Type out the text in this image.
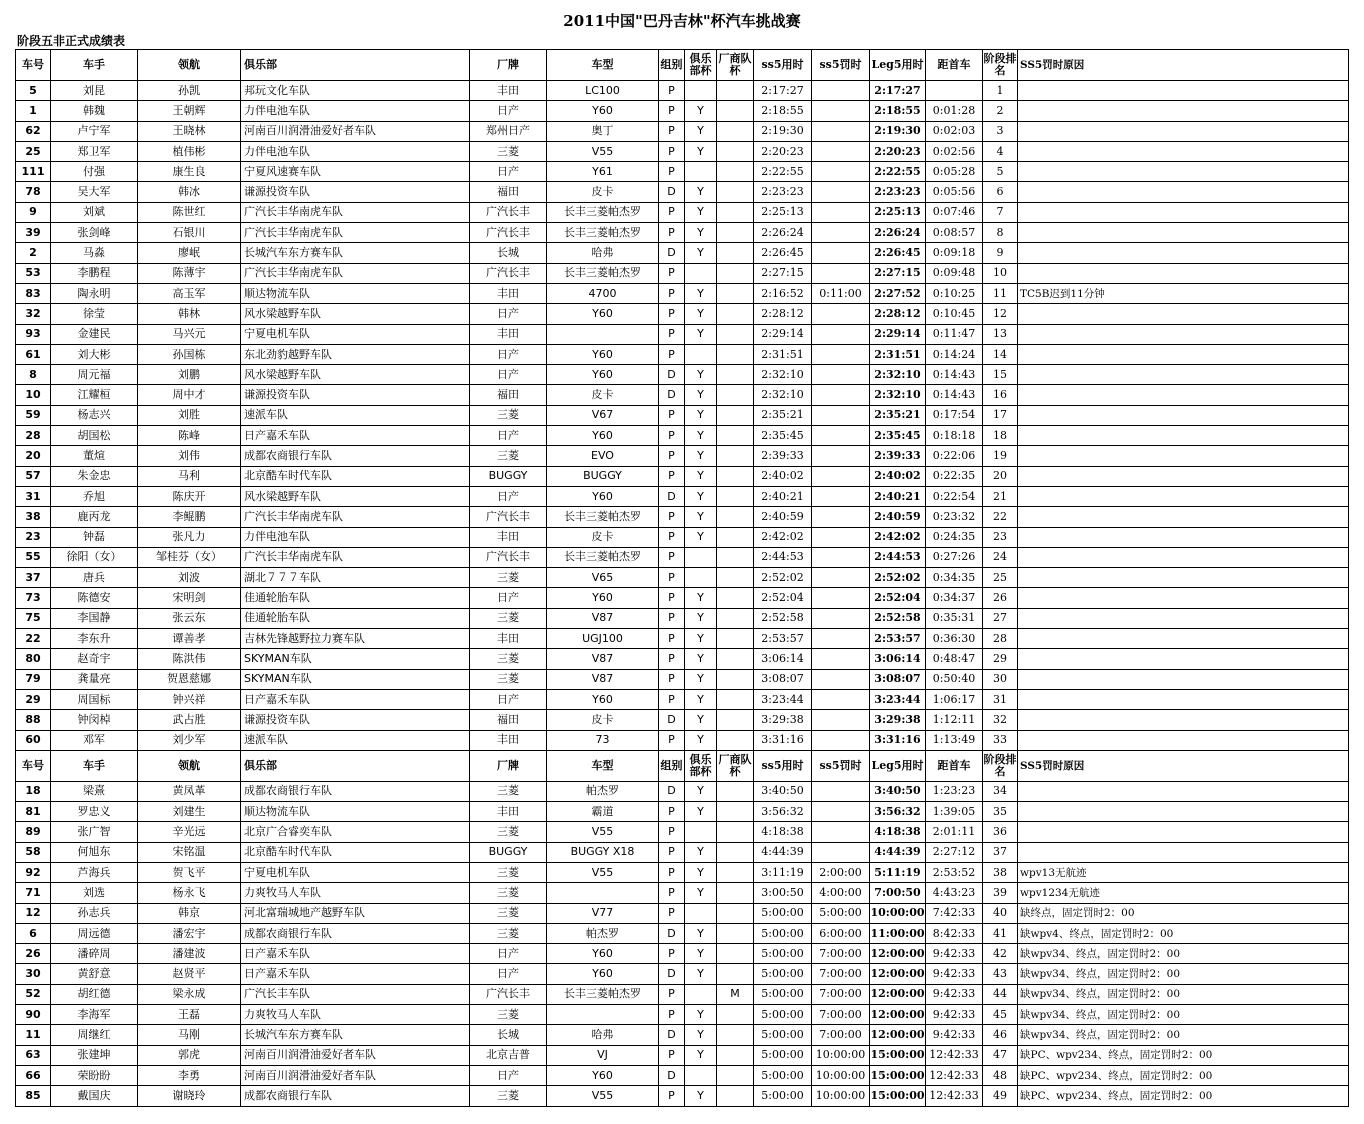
2011中国"巴丹吉林"杯汽车挑战赛
阶段五非正式成绩表
车号	车手	领航	俱乐部	厂牌	车型	组别	俱乐部杯	厂商队杯	ss5用时	ss5罚时	Leg5用时	距首车	阶段排名	SS5罚时原因
5	刘昆	孙凯	邦玩文化车队	丰田	LC100	P			2:17:27		2:17:27		1	
1	韩魏	王朝辉	力伴电池车队	日产	Y60	P	Y		2:18:55		2:18:55	0:01:28	2	
62	卢宁军	王晓林	河南百川润滑油爱好者车队	郑州日产	奥丁	P	Y		2:19:30		2:19:30	0:02:03	3	
25	郑卫军	植伟彬	力伴电池车队	三菱	V55	P	Y		2:20:23		2:20:23	0:02:56	4	
111	付强	康生良	宁夏风速赛车队	日产	Y61	P			2:22:55		2:22:55	0:05:28	5	
78	吴大军	韩冰	谦源投资车队	福田	皮卡	D	Y		2:23:23		2:23:23	0:05:56	6	
9	刘斌	陈世红	广汽长丰华南虎车队	广汽长丰	长丰三菱帕杰罗	P	Y		2:25:13		2:25:13	0:07:46	7	
39	张剑峰	石银川	广汽长丰华南虎车队	广汽长丰	长丰三菱帕杰罗	P	Y		2:26:24		2:26:24	0:08:57	8	
2	马淼	廖岷	长城汽车东方赛车队	长城	哈弗	D	Y		2:26:45		2:26:45	0:09:18	9	
53	李鹏程	陈薄宇	广汽长丰华南虎车队	广汽长丰	长丰三菱帕杰罗	P			2:27:15		2:27:15	0:09:48	10	
83	陶永明	高玉军	顺达物流车队	丰田	4700	P	Y		2:16:52	0:11:00	2:27:52	0:10:25	11	TC5B迟到11分钟
32	徐莹	韩林	风水梁越野车队	日产	Y60	P	Y		2:28:12		2:28:12	0:10:45	12	
93	金建民	马兴元	宁夏电机车队	丰田		P	Y		2:29:14		2:29:14	0:11:47	13	
61	刘大彬	孙国栋	东北劲豹越野车队	日产	Y60	P			2:31:51		2:31:51	0:14:24	14	
8	周元福	刘鹏	风水梁越野车队	日产	Y60	D	Y		2:32:10		2:32:10	0:14:43	15	
10	江耀桓	周中才	谦源投资车队	福田	皮卡	D	Y		2:32:10		2:32:10	0:14:43	16	
59	杨志兴	刘胜	速派车队	三菱	V67	P	Y		2:35:21		2:35:21	0:17:54	17	
28	胡国松	陈峰	日产嘉禾车队	日产	Y60	P	Y		2:35:45		2:35:45	0:18:18	18	
20	董煊	刘伟	成都农商银行车队	三菱	EVO	P	Y		2:39:33		2:39:33	0:22:06	19	
57	朱金忠	马利	北京酷车时代车队	BUGGY	BUGGY	P	Y		2:40:02		2:40:02	0:22:35	20	
31	乔旭	陈庆开	风水梁越野车队	日产	Y60	D	Y		2:40:21		2:40:21	0:22:54	21	
38	鹿丙龙	李鲲鹏	广汽长丰华南虎车队	广汽长丰	长丰三菱帕杰罗	P	Y		2:40:59		2:40:59	0:23:32	22	
23	钟磊	张凡力	力伴电池车队	丰田	皮卡	P	Y		2:42:02		2:42:02	0:24:35	23	
55	徐阳（女）	邹桂芬（女）	广汽长丰华南虎车队	广汽长丰	长丰三菱帕杰罗	P			2:44:53		2:44:53	0:27:26	24	
37	唐兵	刘波	湖北７７７车队	三菱	V65	P			2:52:02		2:52:02	0:34:35	25	
73	陈德安	宋明剑	佳通轮胎车队	日产	Y60	P	Y		2:52:04		2:52:04	0:34:37	26	
75	李国静	张云东	佳通轮胎车队	三菱	V87	P	Y		2:52:58		2:52:58	0:35:31	27	
22	李东升	谭善孝	吉林先锋越野拉力赛车队	丰田	UGJ100	P	Y		2:53:57		2:53:57	0:36:30	28	
80	赵奇宇	陈洪伟	SKYMAN车队	三菱	V87	P	Y		3:06:14		3:06:14	0:48:47	29	
79	龚量亮	贺恩慈娜	SKYMAN车队	三菱	V87	P	Y		3:08:07		3:08:07	0:50:40	30	
29	周国标	钟兴祥	日产嘉禾车队	日产	Y60	P	Y		3:23:44		3:23:44	1:06:17	31	
88	钟闵棹	武占胜	谦源投资车队	福田	皮卡	D	Y		3:29:38		3:29:38	1:12:11	32	
60	邓军	刘少军	速派车队	丰田	73	P	Y		3:31:16		3:31:16	1:13:49	33	
车号	车手	领航	俱乐部	厂牌	车型	组别	俱乐部杯	厂商队杯	ss5用时	ss5罚时	Leg5用时	距首车	阶段排名	SS5罚时原因
18	梁熹	黄凤革	成都农商银行车队	三菱	帕杰罗	D	Y		3:40:50		3:40:50	1:23:23	34	
81	罗忠义	刘建生	顺达物流车队	丰田	霸道	P	Y		3:56:32		3:56:32	1:39:05	35	
89	张广智	辛光远	北京广合睿奕车队	三菱	V55	P			4:18:38		4:18:38	2:01:11	36	
58	何旭东	宋铭温	北京酷车时代车队	BUGGY	BUGGY X18	P	Y		4:44:39		4:44:39	2:27:12	37	
92	芦海兵	贺飞平	宁夏电机车队	三菱	V55	P	Y		3:11:19	2:00:00	5:11:19	2:53:52	38	wpv13无航迹
71	刘选	杨永飞	力爽牧马人车队	三菱		P	Y		3:00:50	4:00:00	7:00:50	4:43:23	39	wpv1234无航迹
12	孙志兵	韩京	河北富瑞城地产越野车队	三菱	V77	P			5:00:00	5:00:00	10:00:00	7:42:33	40	缺终点，固定罚时2：00
6	周远德	潘宏宇	成都农商银行车队	三菱	帕杰罗	D	Y		5:00:00	6:00:00	11:00:00	8:42:33	41	缺wpv4、终点，固定罚时2：00
26	潘碎周	潘建波	日产嘉禾车队	日产	Y60	P	Y		5:00:00	7:00:00	12:00:00	9:42:33	42	缺wpv34、终点，固定罚时2：00
30	黄舒意	赵贤平	日产嘉禾车队	日产	Y60	D	Y		5:00:00	7:00:00	12:00:00	9:42:33	43	缺wpv34、终点，固定罚时2：00
52	胡红德	梁永成	广汽长丰车队	广汽长丰	长丰三菱帕杰罗	P		M	5:00:00	7:00:00	12:00:00	9:42:33	44	缺wpv34、终点，固定罚时2：00
90	李海军	王磊	力爽牧马人车队	三菱		P	Y		5:00:00	7:00:00	12:00:00	9:42:33	45	缺wpv34、终点，固定罚时2：00
11	周继红	马刚	长城汽车东方赛车队	长城	哈弗	D	Y		5:00:00	7:00:00	12:00:00	9:42:33	46	缺wpv34、终点，固定罚时2：00
63	张建坤	郭虎	河南百川润滑油爱好者车队	北京吉普	VJ	P	Y		5:00:00	10:00:00	15:00:00	12:42:33	47	缺PC、wpv234、终点，固定罚时2：00
66	荣盼盼	李勇	河南百川润滑油爱好者车队	日产	Y60	D			5:00:00	10:00:00	15:00:00	12:42:33	48	缺PC、wpv234、终点，固定罚时2：00
85	戴国庆	谢晓玲	成都农商银行车队	三菱	V55	P	Y		5:00:00	10:00:00	15:00:00	12:42:33	49	缺PC、wpv234、终点，固定罚时2：00
